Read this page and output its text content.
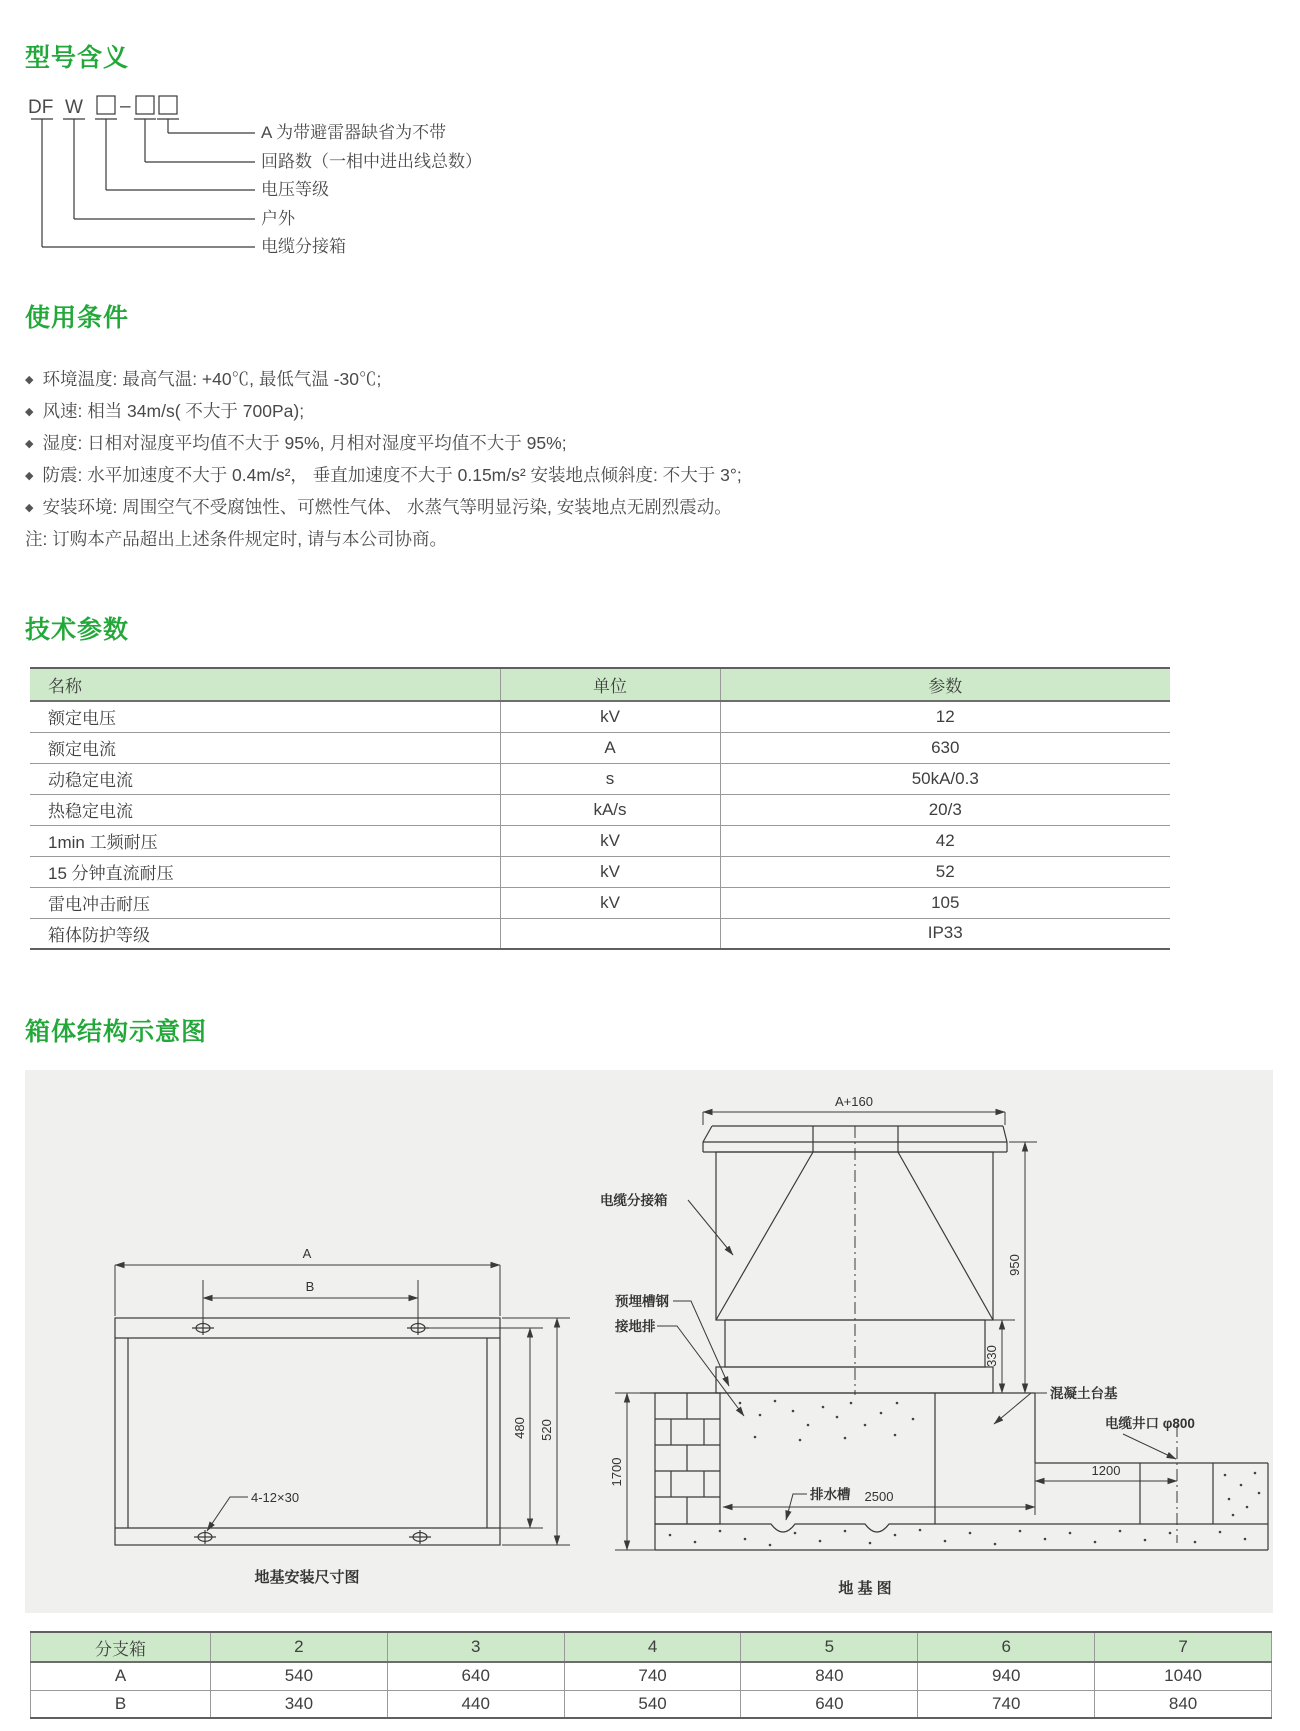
型号含义
DF W –
A 为带避雷器缺省为不带
回路数（一相中进出线总数）
电压等级
户外
电缆分接箱
使用条件
◆ 环境温度: 最高气温: +40℃, 最低气温 -30℃;
◆ 风速: 相当 34m/s( 不大于 700Pa);
◆ 湿度: 日相对湿度平均值不大于 95%, 月相对湿度平均值不大于 95%;
◆ 防震: 水平加速度不大于 0.4m/s²， 垂直加速度不大于 0.15m/s² 安装地点倾斜度: 不大于 3°;
◆ 安装环境: 周围空气不受腐蚀性、可燃性气体、 水蒸气等明显污染, 安装地点无剧烈震动。
注: 订购本产品超出上述条件规定时, 请与本公司协商。
技术参数
名称	单位	参数
额定电压	kV	12
额定电流	A	630
动稳定电流	s	50kA/0.3
热稳定电流	kA/s	20/3
1min 工频耐压	kV	42
15 分钟直流耐压	kV	52
雷电冲击耐压	kV	105
箱体防护等级		IP33
箱体结构示意图
A
B
480 520
4-12×30
地基安装尺寸图
A+160
950
330
1700	1200
2500
电缆分接箱
预埋槽钢
接地排
混凝土台基
电缆井口 φ800
排水槽
地 基 图
分支箱	2	3	4	5	6	7
A	540	640	740	840	940	1040
B	340	440	540	640	740	840
